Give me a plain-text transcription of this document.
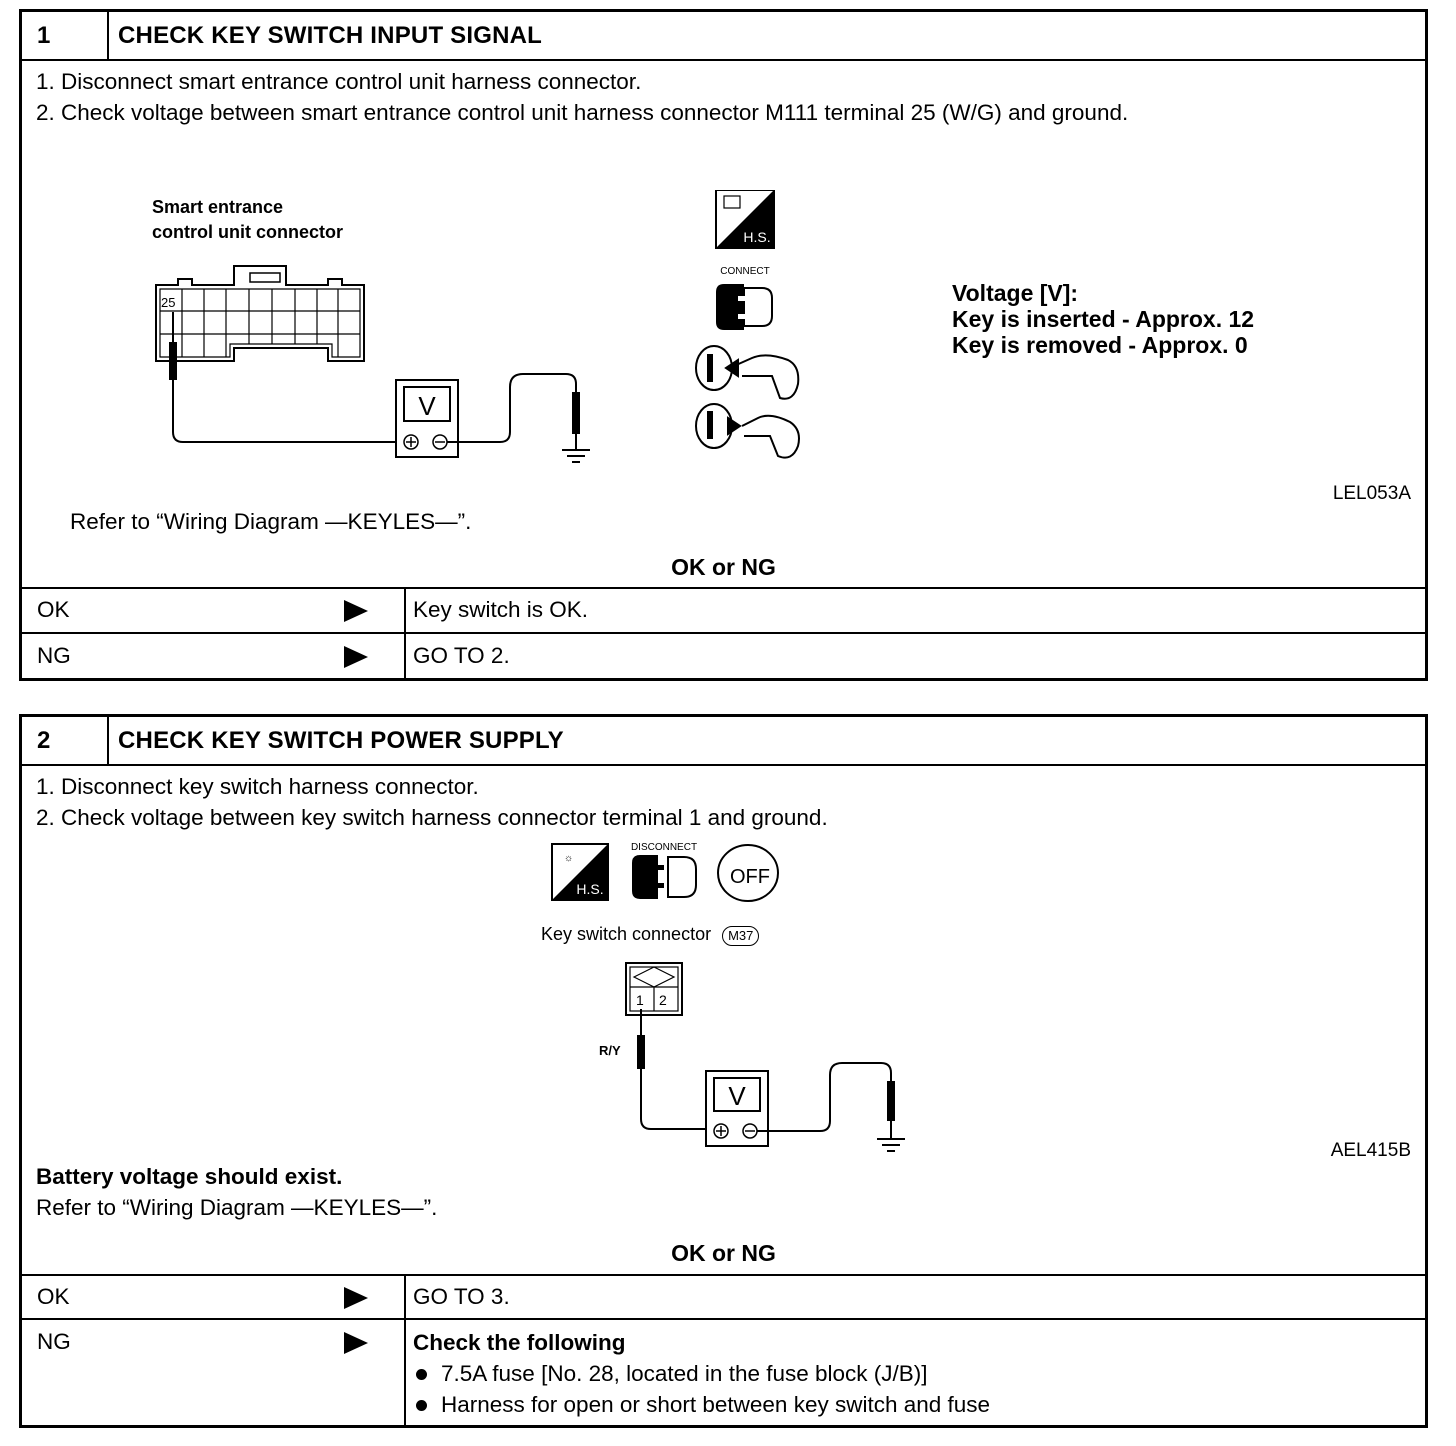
1	CHECK KEY SWITCH INPUT SIGNAL
1. Disconnect smart entrance control unit harness connector.
2. Check voltage between smart entrance control unit harness connector M111 terminal 25 (W/G) and ground.
Smart entrance
control unit connector
25
V
H.S.
CONNECT
Voltage [V]:
Key is inserted - Approx. 12
Key is removed - Approx. 0
LEL053A
Refer to “Wiring Diagram —KEYLES—”.
OK or NG
OK	Key switch is OK.
NG	GO TO 2.
2	CHECK KEY SWITCH POWER SUPPLY
1. Disconnect key switch harness connector.
2. Check voltage between key switch harness connector terminal 1 and ground.
☼
H.S.
DISCONNECT
OFF
Key switch connector M37
1 2
R/Y
V
AEL415B
Battery voltage should exist.
Refer to “Wiring Diagram —KEYLES—”.
OK or NG
OK	GO TO 3.
NG	Check the following
7.5A fuse [No. 28, located in the fuse block (J/B)]
Harness for open or short between key switch and fuse
